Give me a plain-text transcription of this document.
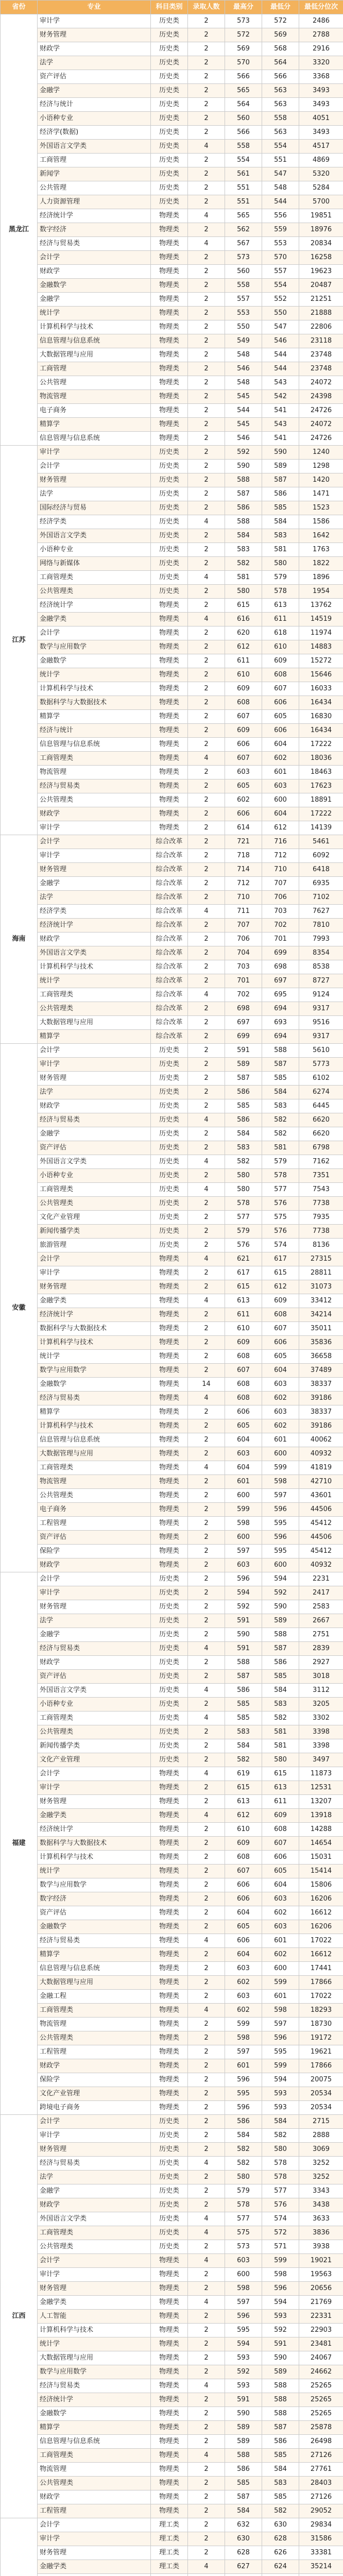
省份	专业	科目类别	录取人数	最高分	最低分	最低分位次
黑龙江	审计学	历史类	2	573	572	2486
	财务管理	历史类	2	572	569	2788
	财政学	历史类	2	569	568	2916
	法学	历史类	2	570	564	3320
	资产评估	历史类	2	566	566	3368
	金融学	历史类	2	565	563	3493
	经济与统计	历史类	2	564	563	3493
	小语种专业	历史类	2	560	558	4051
	经济学(数据)	历史类	2	566	563	3493
	外国语言文学类	历史类	4	558	554	4517
	工商管理	历史类	2	554	551	4869
	新闻学	历史类	2	561	547	5320
	公共管理	历史类	2	551	548	5284
	人力资源管理	历史类	2	551	544	5700
	经济统计学	物理类	4	565	556	19851
	数字经济	物理类	2	562	559	18976
	经济与贸易类	物理类	4	567	553	20834
	会计学	物理类	2	573	570	16258
	财政学	物理类	2	560	557	19623
	金融数学	物理类	2	558	554	20487
	金融学	物理类	2	557	552	21251
	统计学	物理类	2	553	550	21888
	计算机科学与技术	物理类	2	550	547	22806
	信息管理与信息系统	物理类	2	549	546	23118
	大数据管理与应用	物理类	2	548	544	23748
	工商管理	物理类	2	546	544	23748
	公共管理	物理类	2	548	543	24072
	物流管理	物理类	2	545	542	24398
	电子商务	物理类	2	544	541	24726
	精算学	物理类	2	545	543	24072
	信息管理与信息系统	物理类	2	546	541	24726
江苏	审计学	历史类	2	592	590	1240
	会计学	历史类	2	590	589	1298
	财务管理	历史类	2	588	587	1420
	法学	历史类	2	587	586	1471
	国际经济与贸易	历史类	2	586	585	1523
	经济学类	历史类	4	588	584	1586
	外国语言文学类	历史类	2	584	583	1642
	小语种专业	历史类	2	583	581	1763
	网络与新媒体	历史类	2	582	580	1822
	工商管理类	历史类	4	581	579	1896
	公共管理类	历史类	2	580	578	1954
	经济统计学	物理类	2	615	613	13762
	金融学类	物理类	4	616	611	14519
	会计学	物理类	2	620	618	11974
	数学与应用数学	物理类	2	612	610	14883
	金融数学	物理类	2	611	609	15272
	统计学	物理类	2	610	608	15646
	计算机科学与技术	物理类	2	609	607	16033
	数据科学与大数据技术	物理类	2	608	606	16434
	精算学	物理类	2	607	605	16830
	经济与统计	物理类	2	609	606	16434
	信息管理与信息系统	物理类	2	606	604	17222
	工商管理类	物理类	4	607	602	18036
	物流管理	物理类	2	603	601	18463
	经济与贸易类	物理类	2	605	603	17623
	公共管理类	物理类	2	602	600	18891
	财政学	物理类	2	606	604	17222
	审计学	物理类	2	614	612	14139
海南	会计学	综合改革	2	721	716	5461
	审计学	综合改革	2	718	712	6092
	财务管理	综合改革	2	714	710	6418
	金融学	综合改革	2	712	707	6935
	法学	综合改革	2	710	706	7102
	经济学类	综合改革	4	711	703	7627
	经济统计学	综合改革	2	707	702	7810
	财政学	综合改革	2	706	701	7993
	外国语言文学类	综合改革	2	704	699	8354
	计算机科学与技术	综合改革	2	703	698	8538
	统计学	综合改革	2	701	697	8727
	工商管理类	综合改革	4	702	695	9124
	公共管理类	综合改革	2	698	694	9317
	大数据管理与应用	综合改革	2	697	693	9516
	精算学	综合改革	2	699	694	9317
安徽	会计学	历史类	2	591	588	5610
	审计学	历史类	2	589	587	5773
	财务管理	历史类	2	587	585	6102
	法学	历史类	2	586	584	6274
	财政学	历史类	2	585	583	6445
	经济与贸易类	历史类	4	586	582	6620
	金融学	历史类	2	584	582	6620
	资产评估	历史类	2	583	581	6798
	外国语言文学类	历史类	4	582	579	7162
	小语种专业	历史类	2	580	578	7351
	工商管理类	历史类	4	580	577	7543
	公共管理类	历史类	2	578	576	7738
	文化产业管理	历史类	2	577	575	7935
	新闻传播学类	历史类	2	579	576	7738
	旅游管理	历史类	2	576	574	8136
	会计学	物理类	4	621	617	27315
	审计学	物理类	2	617	615	28811
	财务管理	物理类	2	615	612	31073
	金融学类	物理类	4	613	609	33412
	经济统计学	物理类	2	611	608	34214
	数据科学与大数据技术	物理类	2	610	607	35011
	计算机科学与技术	物理类	2	609	606	35836
	统计学	物理类	2	608	605	36658
	数学与应用数学	物理类	2	607	604	37489
	金融数学	物理类	14	608	603	38337
	经济与贸易类	物理类	4	608	602	39186
	精算学	物理类	2	606	603	38337
	计算机科学与技术	物理类	2	605	602	39186
	信息管理与信息系统	物理类	2	604	601	40062
	大数据管理与应用	物理类	2	603	600	40932
	工商管理类	物理类	4	604	599	41819
	物流管理	物理类	2	601	598	42710
	公共管理类	物理类	2	600	597	43601
	电子商务	物理类	2	599	596	44506
	工程管理	物理类	2	598	595	45412
	资产评估	物理类	2	600	596	44506
	保险学	物理类	2	597	595	45412
	财政学	物理类	2	603	600	40932
福建	会计学	历史类	2	596	594	2231
	审计学	历史类	2	594	592	2417
	财务管理	历史类	2	592	590	2583
	法学	历史类	2	591	589	2667
	金融学	历史类	2	590	588	2751
	经济与贸易类	历史类	4	591	587	2839
	财政学	历史类	2	588	586	2927
	资产评估	历史类	2	587	585	3018
	外国语言文学类	历史类	4	586	584	3112
	小语种专业	历史类	2	585	583	3205
	工商管理类	历史类	4	585	582	3302
	公共管理类	历史类	2	583	581	3398
	新闻传播学类	历史类	2	584	581	3398
	文化产业管理	历史类	2	582	580	3497
	会计学	物理类	4	619	615	11873
	审计学	物理类	2	615	613	12531
	财务管理	物理类	2	613	611	13207
	金融学类	物理类	4	612	609	13918
	经济统计学	物理类	2	610	608	14288
	数据科学与大数据技术	物理类	2	609	607	14654
	计算机科学与技术	物理类	2	608	606	15031
	统计学	物理类	2	607	605	15414
	数学与应用数学	物理类	2	606	604	15806
	数字经济	物理类	2	606	603	16206
	资产评估	物理类	2	604	602	16612
	金融数学	物理类	2	605	603	16206
	经济与贸易类	物理类	4	606	601	17022
	精算学	物理类	2	604	602	16612
	信息管理与信息系统	物理类	2	603	600	17441
	大数据管理与应用	物理类	2	602	599	17866
	金融工程	物理类	2	603	601	17022
	工商管理类	物理类	4	602	598	18293
	物流管理	物理类	2	599	597	18730
	公共管理类	物理类	2	598	596	19172
	工程管理	物理类	2	597	595	19621
	财政学	物理类	2	601	599	17866
	保险学	物理类	2	596	594	20075
	文化产业管理	物理类	2	595	593	20534
	跨境电子商务	物理类	2	596	593	20534
江西	会计学	历史类	2	586	584	2715
	审计学	历史类	2	584	582	2888
	财务管理	历史类	2	582	580	3069
	经济与贸易类	历史类	4	582	578	3252
	法学	历史类	2	580	578	3252
	金融学	历史类	2	579	577	3343
	财政学	历史类	2	578	576	3438
	外国语言文学类	历史类	4	577	574	3633
	工商管理类	历史类	4	575	572	3836
	公共管理类	历史类	2	573	571	3938
	会计学	物理类	4	603	599	19021
	审计学	物理类	2	600	598	19563
	财务管理	物理类	2	598	596	20656
	金融学类	物理类	4	597	594	21769
	人工智能	物理类	2	596	593	22331
	计算机科学与技术	物理类	2	595	592	22903
	统计学	物理类	2	594	591	23481
	大数据管理与应用	物理类	2	593	590	24067
	数学与应用数学	物理类	2	592	589	24662
	经济与贸易类	物理类	4	593	588	25265
	经济统计学	物理类	2	591	588	25265
	金融数学	物理类	2	590	588	25265
	精算学	物理类	2	589	587	25878
	信息管理与信息系统	物理类	2	589	586	26498
	工商管理类	物理类	4	588	585	27126
	物流管理	物理类	2	586	584	27761
	公共管理类	物理类	2	585	583	28403
	财政学	物理类	2	587	585	27126
	工程管理	物理类	2	584	582	29052
	会计学	理工类	2	632	630	29834
	审计学	理工类	2	630	628	31586
	财务管理	理工类	2	628	626	33381
	金融学类	理工类	4	627	624	35214
